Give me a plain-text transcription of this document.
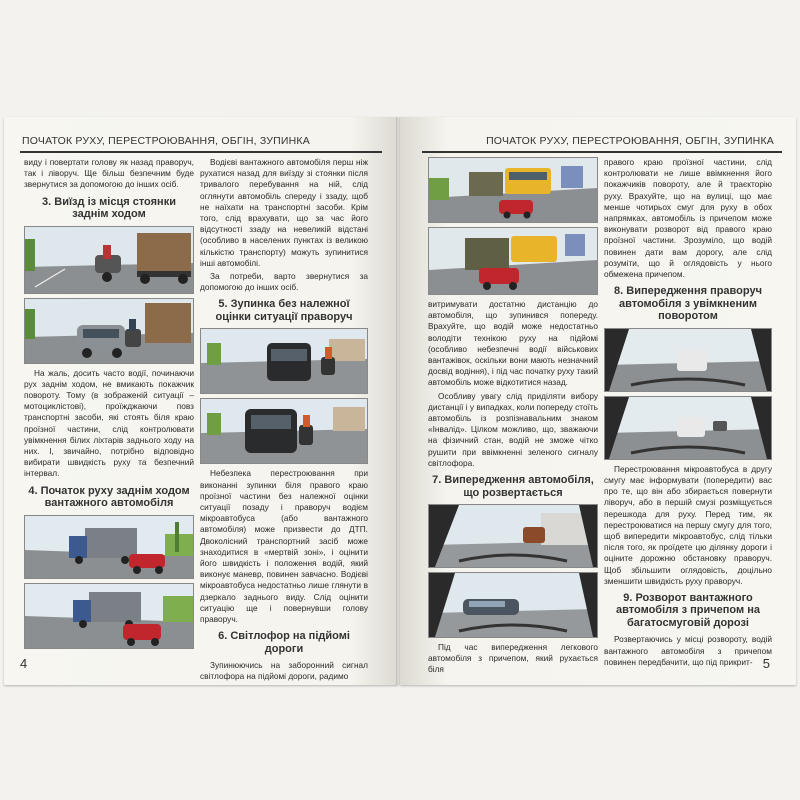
ПОЧАТОК РУХУ, ПЕРЕСТРОЮВАННЯ, ОБГІН, ЗУПИНКА

виду і повертати голову як назад праворуч, так і ліворуч. Ще більш безпечним буде звернутися за допомогою до інших осіб.

3. Виїзд із місця стоянки заднім ходом

На жаль, досить часто водії, починаючи рух заднім ходом, не вмикають покажчик повороту. Тому (в зображеній ситуації – мотоциклістові), проїжджаючи повз транспортні засоби, які стоять біля краю проїзної частини, слід контролювати увімкнення білих ліхтарів заднього ходу на них. І, звичайно, потрібно відповідно вибирати швидкість руху та безпечний інтервал.

4. Початок руху заднім ходом вантажного автомобіля

Водієві вантажного автомобіля перш ніж рухатися назад для виїзду зі стоянки після тривалого перебування на ній, слід оглянути автомобіль спереду і ззаду, щоб не наїхати на транспортні засоби. Крім того, слід врахувати, що за час його відсутності ззаду на невеликій відстані (особливо в населених пунктах із великою кількістю транспорту) можуть зупинитися інші автомобілі.

За потреби, варто звернутися за допомогою до інших осіб.

5. Зупинка без належної оцінки ситуації праворуч

Небезпека перестроювання при виконанні зупинки біля правого краю проїзної частини без належної оцінки ситуації позаду і праворуч водієм мікроавтобуса (або вантажного автомобіля) може призвести до ДТП. Двоколісний транспортний засіб може знаходитися в «мертвій зоні», і оцінити його швидкість і положення водій, який виконує маневр, повинен завчасно. Водієві мікроавтобуса недостатньо лише глянути в дзеркало заднього виду. Слід оцінити ситуацію ще і повернувши голову праворуч.

6. Світлофор на підйомі дороги

Зупинюючись на заборонний сигнал світлофора на підйомі дороги, радимо

4
ПОЧАТОК РУХУ, ПЕРЕСТРОЮВАННЯ, ОБГІН, ЗУПИНКА

витримувати достатню дистанцію до автомобіля, що зупинився попереду. Врахуйте, що водій може недостатньо володіти технікою руху на підйомі (особливо небезпечні водії військових вантажівок, оскільки вони мають незначний досвід водіння), і під час початку руху такий автомобіль може відкотитися назад.

Особливу увагу слід приділяти вибору дистанції і у випадках, коли попереду стоїть автомобіль із розпізнавальним знаком «Інвалід». Цілком можливо, що, зважаючи на фізичний стан, водій не зможе чітко рушити при ввімкненні зеленого сигналу світлофора.

7. Випередження автомобіля, що розвертається

Під час випередження легкового автомобіля з причепом, який рухається біля

правого краю проїзної частини, слід контролювати не лише ввімкнення його покажчиків повороту, але й траєкторію руху. Врахуйте, що на вулиці, що має менше чотирьох смуг для руху в обох напрямках, автомобіль із причепом може виконувати розворот від правого краю проїзної частини. Зрозуміло, що водій повинен дати вам дорогу, але слід розуміти, що й оглядовість у нього обмежена причепом.

8. Випередження праворуч автомобіля з увімкненим поворотом

Перестроювання мікроавтобуса в другу смугу має інформувати (попередити) вас про те, що він або збирається повернути ліворуч, або в першій смузі розміщується перешкода для руху. Перед тим, як перестроюватися на першу смугу для того, щоб випередити мікроавтобус, слід тільки після того, як проїдете цю ділянку дороги і оціните дорожню обстановку праворуч. Щоб збільшити оглядовість, доцільно зменшити швидкість руху праворуч.

9. Розворот вантажного автомобіля з причепом на багатосмуговій дорозі

Розвертаючись у місці розвороту, водій вантажного автомобіля з причепом повинен передбачити, що під прикрит- 5
